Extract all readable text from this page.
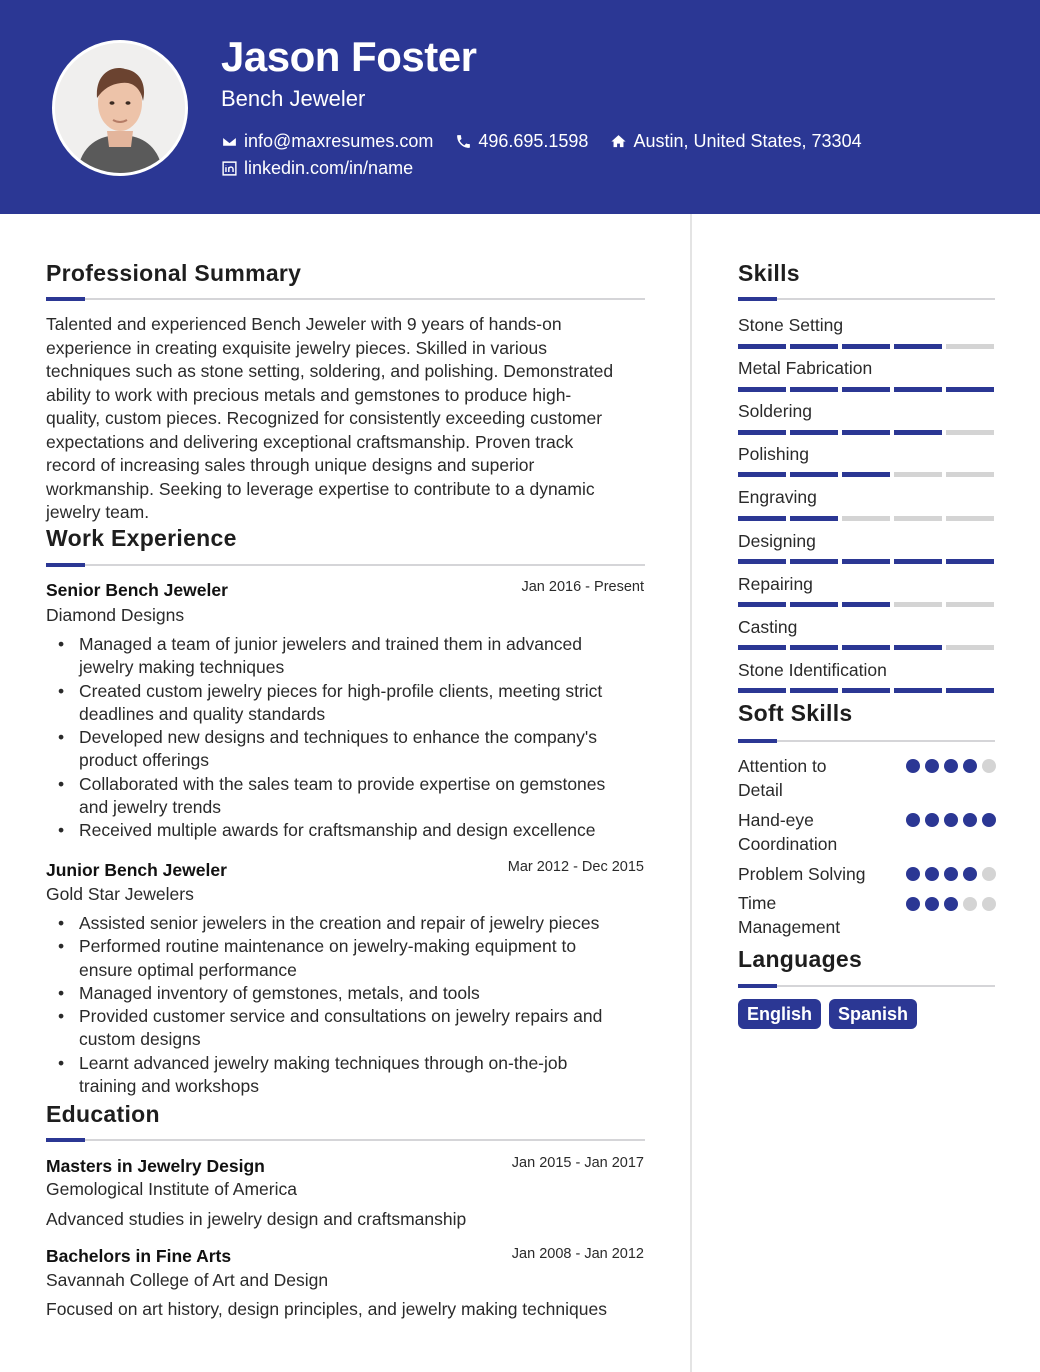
Jason Foster
Bench Jeweler
info@maxresumes.com	496.695.1598	Austin, United States, 73304
linkedin.com/in/name
Professional Summary
Talented and experienced Bench Jeweler with 9 years of hands-on
experience in creating exquisite jewelry pieces. Skilled in various
techniques such as stone setting, soldering, and polishing. Demonstrated
ability to work with precious metals and gemstones to produce high-
quality, custom pieces. Recognized for consistently exceeding customer
expectations and delivering exceptional craftsmanship. Proven track
record of increasing sales through unique designs and superior
workmanship. Seeking to leverage expertise to contribute to a dynamic
jewelry team.
Work Experience
Senior Bench Jeweler	Jan 2016 - Present
Diamond Designs
• Managed a team of junior jewelers and trained them in advanced
jewelry making techniques
• Created custom jewelry pieces for high-profile clients, meeting strict
deadlines and quality standards
• Developed new designs and techniques to enhance the company's
product offerings
• Collaborated with the sales team to provide expertise on gemstones
and jewelry trends
• Received multiple awards for craftsmanship and design excellence
Junior Bench Jeweler	Mar 2012 - Dec 2015
Gold Star Jewelers
• Assisted senior jewelers in the creation and repair of jewelry pieces
• Performed routine maintenance on jewelry-making equipment to
ensure optimal performance
• Managed inventory of gemstones, metals, and tools
• Provided customer service and consultations on jewelry repairs and
custom designs
• Learnt advanced jewelry making techniques through on-the-job
training and workshops
Education
Masters in Jewelry Design	Jan 2015 - Jan 2017
Gemological Institute of America
Advanced studies in jewelry design and craftsmanship
Bachelors in Fine Arts	Jan 2008 - Jan 2012
Savannah College of Art and Design
Focused on art history, design principles, and jewelry making techniques
Skills
Stone Setting
Metal Fabrication
Soldering
Polishing
Engraving
Designing
Repairing
Casting
Stone Identification
Soft Skills
Attention to
Detail
Hand-eye
Coordination
Problem Solving
Time
Management
Languages
English	Spanish
